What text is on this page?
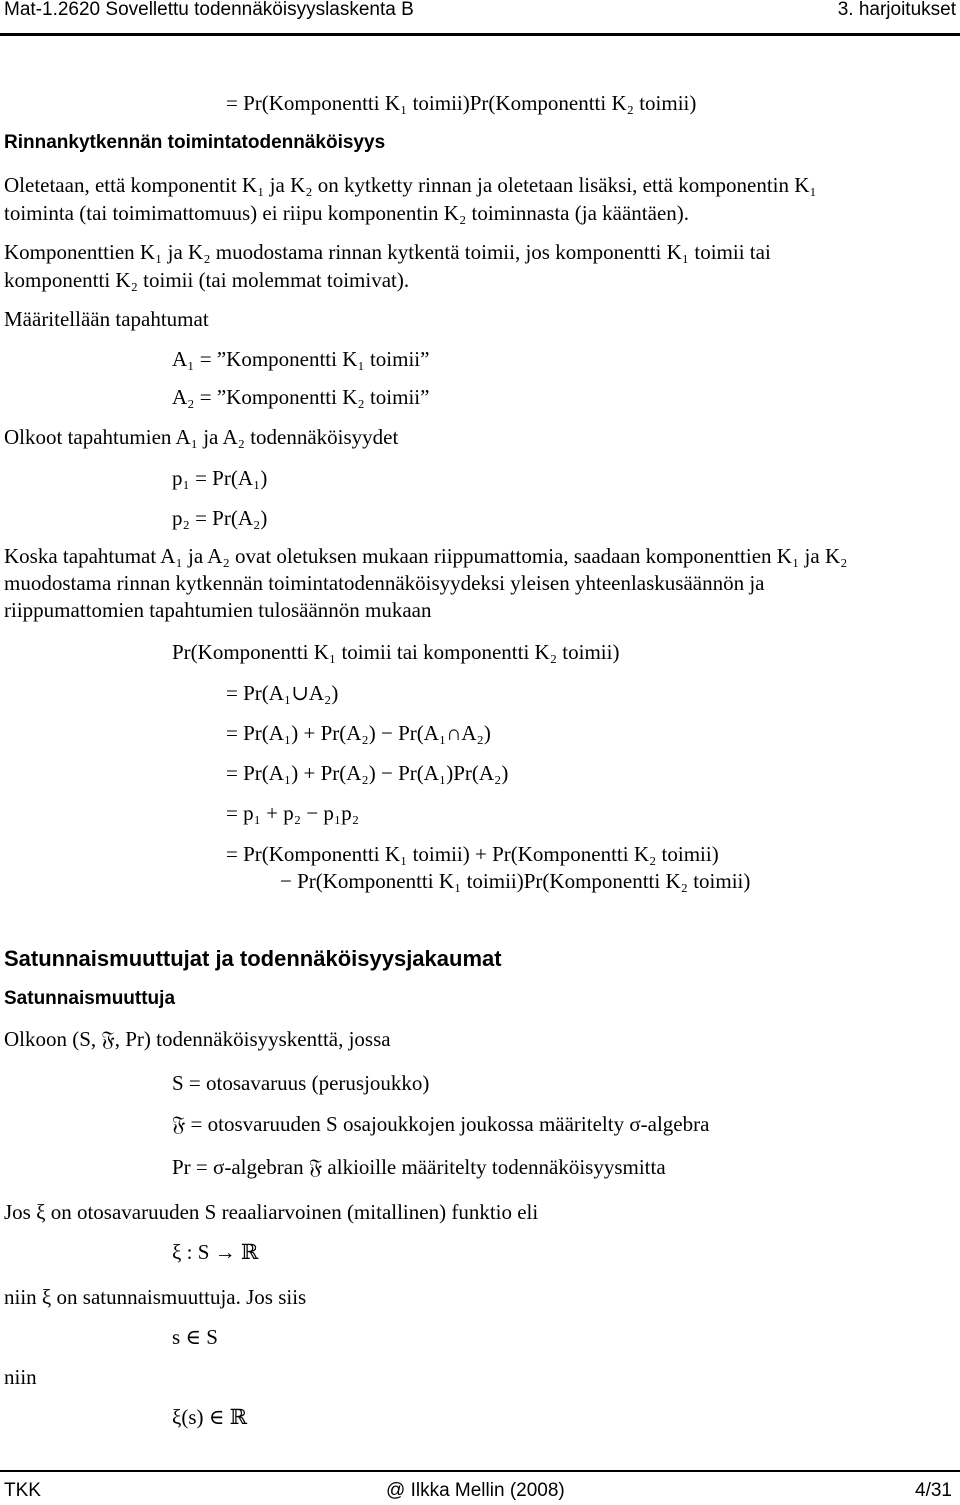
Mat-1.2620 Sovellettu todennäköisyyslaskenta B	3. harjoitukset
= Pr(Komponentti K₁ toimii)Pr(Komponentti K₂ toimii)
Rinnankytkennän toimintatodennäköisyys
Oletetaan, että komponentit K₁ ja K₂ on kytketty rinnan ja oletetaan lisäksi, että komponentin K₁
toiminta (tai toimimattomuus) ei riipu komponentin K₂ toiminnasta (ja kääntäen).
Komponenttien K₁ ja K₂ muodostama rinnan kytkentä toimii, jos komponentti K₁ toimii tai
komponentti K₂ toimii (tai molemmat toimivat).
Määritellään tapahtumat
A₁ = ”Komponentti K₁ toimii”
A₂ = ”Komponentti K₂ toimii”
Olkoot tapahtumien A₁ ja A₂ todennäköisyydet
p₁ = Pr(A₁)
p₂ = Pr(A₂)
Koska tapahtumat A₁ ja A₂ ovat oletuksen mukaan riippumattomia, saadaan komponenttien K₁ ja K₂
muodostama rinnan kytkennän toimintatodennäköisyydeksi yleisen yhteenlaskusäännön ja
riippumattomien tapahtumien tulosäännön mukaan
Pr(Komponentti K₁ toimii tai komponentti K₂ toimii)
= Pr(A₁∪A₂)
= Pr(A₁) + Pr(A₂) − Pr(A₁∩A₂)
= Pr(A₁) + Pr(A₂) − Pr(A₁)Pr(A₂)
= p₁ + p₂ − p₁p₂
= Pr(Komponentti K₁ toimii) + Pr(Komponentti K₂ toimii)
− Pr(Komponentti K₁ toimii)Pr(Komponentti K₂ toimii)
Satunnaismuuttujat ja todennäköisyysjakaumat
Satunnaismuuttuja
Olkoon (S, 𝔉, Pr) todennäköisyyskenttä, jossa
S = otosavaruus (perusjoukko)
𝔉 = otosvaruuden S osajoukkojen joukossa määritelty σ-algebra
Pr = σ-algebran 𝔉 alkioille määritelty todennäköisyysmitta
Jos ξ on otosavaruuden S reaaliarvoinen (mitallinen) funktio eli
ξ : S → ℝ
niin ξ on satunnaismuuttuja. Jos siis
s ∈ S
niin
ξ(s) ∈ ℝ
TKK	@ Ilkka Mellin (2008)	4/31
